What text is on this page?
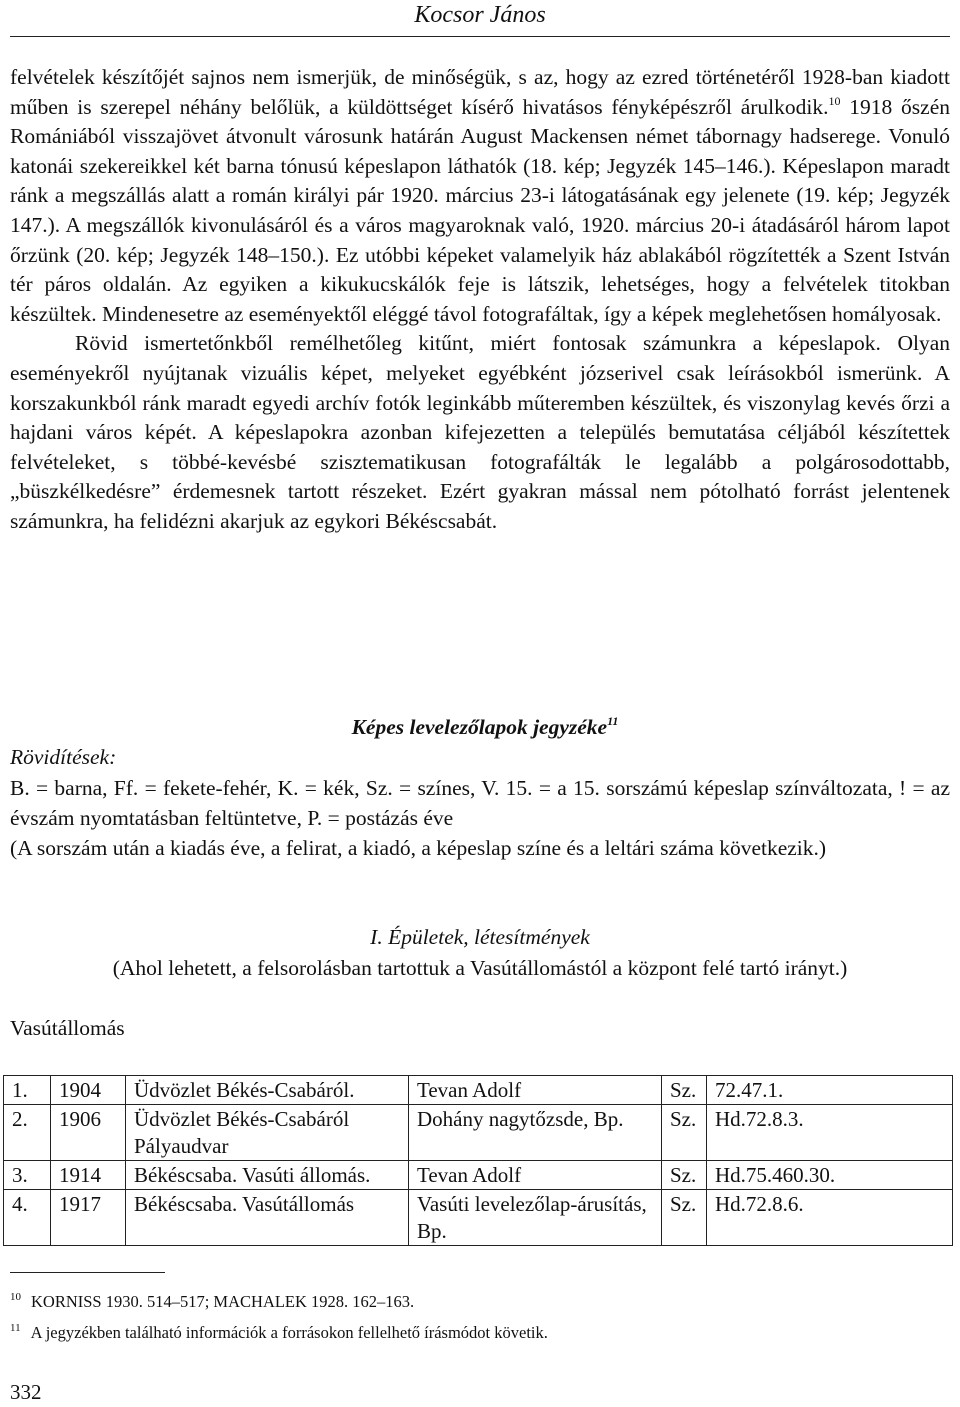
Kocsor János

felvételek készítőjét sajnos nem ismerjük, de minőségük, s az, hogy az ezred történetéről 1928-ban kiadott műben is szerepel néhány belőlük, a küldöttséget kísérő hivatásos fényképészről árulkodik.$^{10}$ 1918 őszén Romániából visszajövet átvonult városunk határán August Mackensen német tábornagy hadserege. Vonuló katonái szekereikkel két barna tónusú képeslapon láthatók (18. kép; Jegyzék 145–146.). Képeslapon maradt ránk a megszállás alatt a román királyi pár 1920. március 23-i látogatásának egy jelenete (19. kép; Jegyzék 147.). A megszállók kivonulásáról és a város magyaroknak való, 1920. március 20-i átadásáról három lapot őrzünk (20. kép; Jegyzék 148–150.). Ez utóbbi képeket valamelyik ház ablakából rögzítették a Szent István tér páros oldalán. Az egyiken a kikukucskálók feje is látszik, lehetséges, hogy a felvételek titokban készültek. Mindenesetre az eseményektől eléggé távol fotografáltak, így a képek meglehetősen homályosak.

Rövid ismertetőnkből remélhetőleg kitűnt, miért fontosak számunkra a képeslapok. Olyan eseményekről nyújtanak vizuális képet, melyeket egyébként józserivel csak leírásokból ismerünk. A korszakunkból ránk maradt egyedi archív fotók leginkább műteremben készültek, és viszonylag kevés őrzi a hajdani város képét. A képeslapokra azonban kifejezetten a település bemutatása céljából készítettek felvételeket, s többé-kevésbé szisztematikusan fotografálták le legalább a polgárosodottabb, „büszkélkedésre” érdemesnek tartott részeket. Ezért gyakran mással nem pótolható forrást jelentenek számunkra, ha felidézni akarjuk az egykori Békéscsabát.

Képes levelezőlapok jegyzéke$^{11}$
Rövidítések:

B. = barna, Ff. = fekete-fehér, K. = kék, Sz. = színes, V. 15. = a 15. sorszámú képeslap színváltozata, ! = az évszám nyomtatásban feltüntetve, P. = postázás éve

(A sorszám után a kiadás éve, a felirat, a kiadó, a képeslap színe és a leltári száma következik.)

I. Épületek, létesítmények
(Ahol lehetett, a felsorolásban tartottuk a Vasútállomástól a központ felé tartó irányt.)
Vasútállomás
1.	1904	Üdvözlet Békés-Csabáról.	Tevan Adolf	Sz.	72.47.1.
2.	1906	Üdvözlet Békés-Csabáról Pályaudvar	Dohány nagytőzsde, Bp.	Sz.	Hd.72.8.3.
3.	1914	Békéscsaba. Vasúti állomás.	Tevan Adolf	Sz.	Hd.75.460.30.
4.	1917	Békéscsaba. Vasútállomás	Vasúti levelezőlap-árusítás, Bp.	Sz.	Hd.72.8.6.

$^{10}$ KORNISS 1930. 514–517; MACHALEK 1928. 162–163.

$^{11}$ A jegyzékben található információk a forrásokon fellelhető írásmódot követik.

332
